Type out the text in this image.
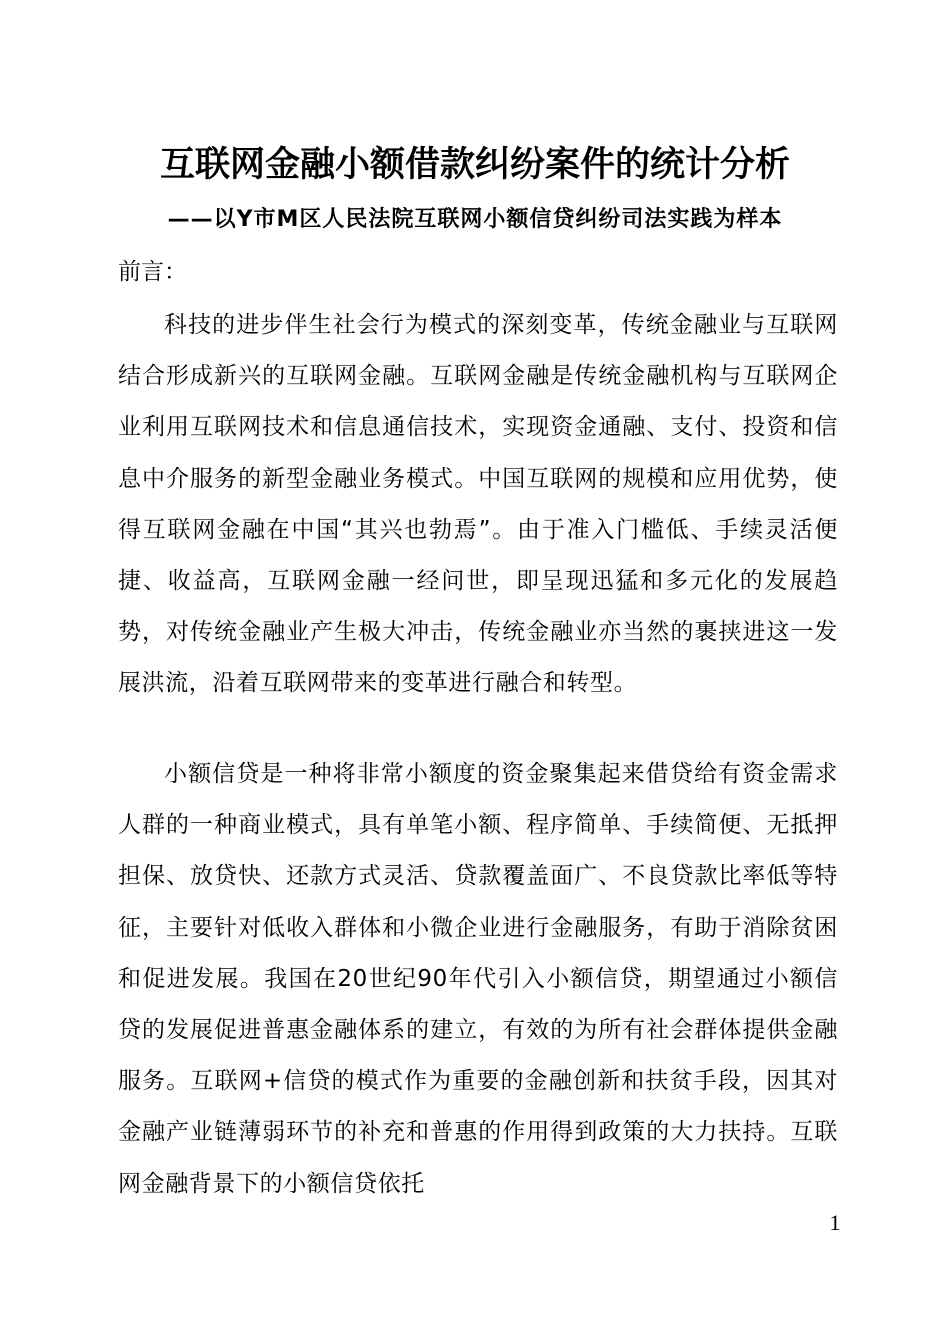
互联网金融小额借款纠纷案件的统计分析
——以Y市M区人民法院互联网小额信贷纠纷司法实践为样本
前言：
科技的进步伴生社会行为模式的深刻变革，传统金融业与互联网结合形成新兴的互联网金融。互联网金融是传统金融机构与互联网企业利用互联网技术和信息通信技术，实现资金通融、支付、投资和信息中介服务的新型金融业务模式。中国互联网的规模和应用优势，使得互联网金融在中国“其兴也勃焉”。由于准入门槛低、手续灵活便捷、收益高，互联网金融一经问世，即呈现迅猛和多元化的发展趋势，对传统金融业产生极大冲击，传统金融业亦当然的裹挟进这一发展洪流，沿着互联网带来的变革进行融合和转型。
小额信贷是一种将非常小额度的资金聚集起来借贷给有资金需求人群的一种商业模式，具有单笔小额、程序简单、手续简便、无抵押担保、放贷快、还款方式灵活、贷款覆盖面广、不良贷款比率低等特征，主要针对低收入群体和小微企业进行金融服务，有助于消除贫困和促进发展。我国在20世纪90年代引入小额信贷，期望通过小额信贷的发展促进普惠金融体系的建立，有效的为所有社会群体提供金融服务。互联网+信贷的模式作为重要的金融创新和扶贫手段，因其对金融产业链薄弱环节的补充和普惠的作用得到政策的大力扶持。互联网金融背景下的小额信贷依托
1
